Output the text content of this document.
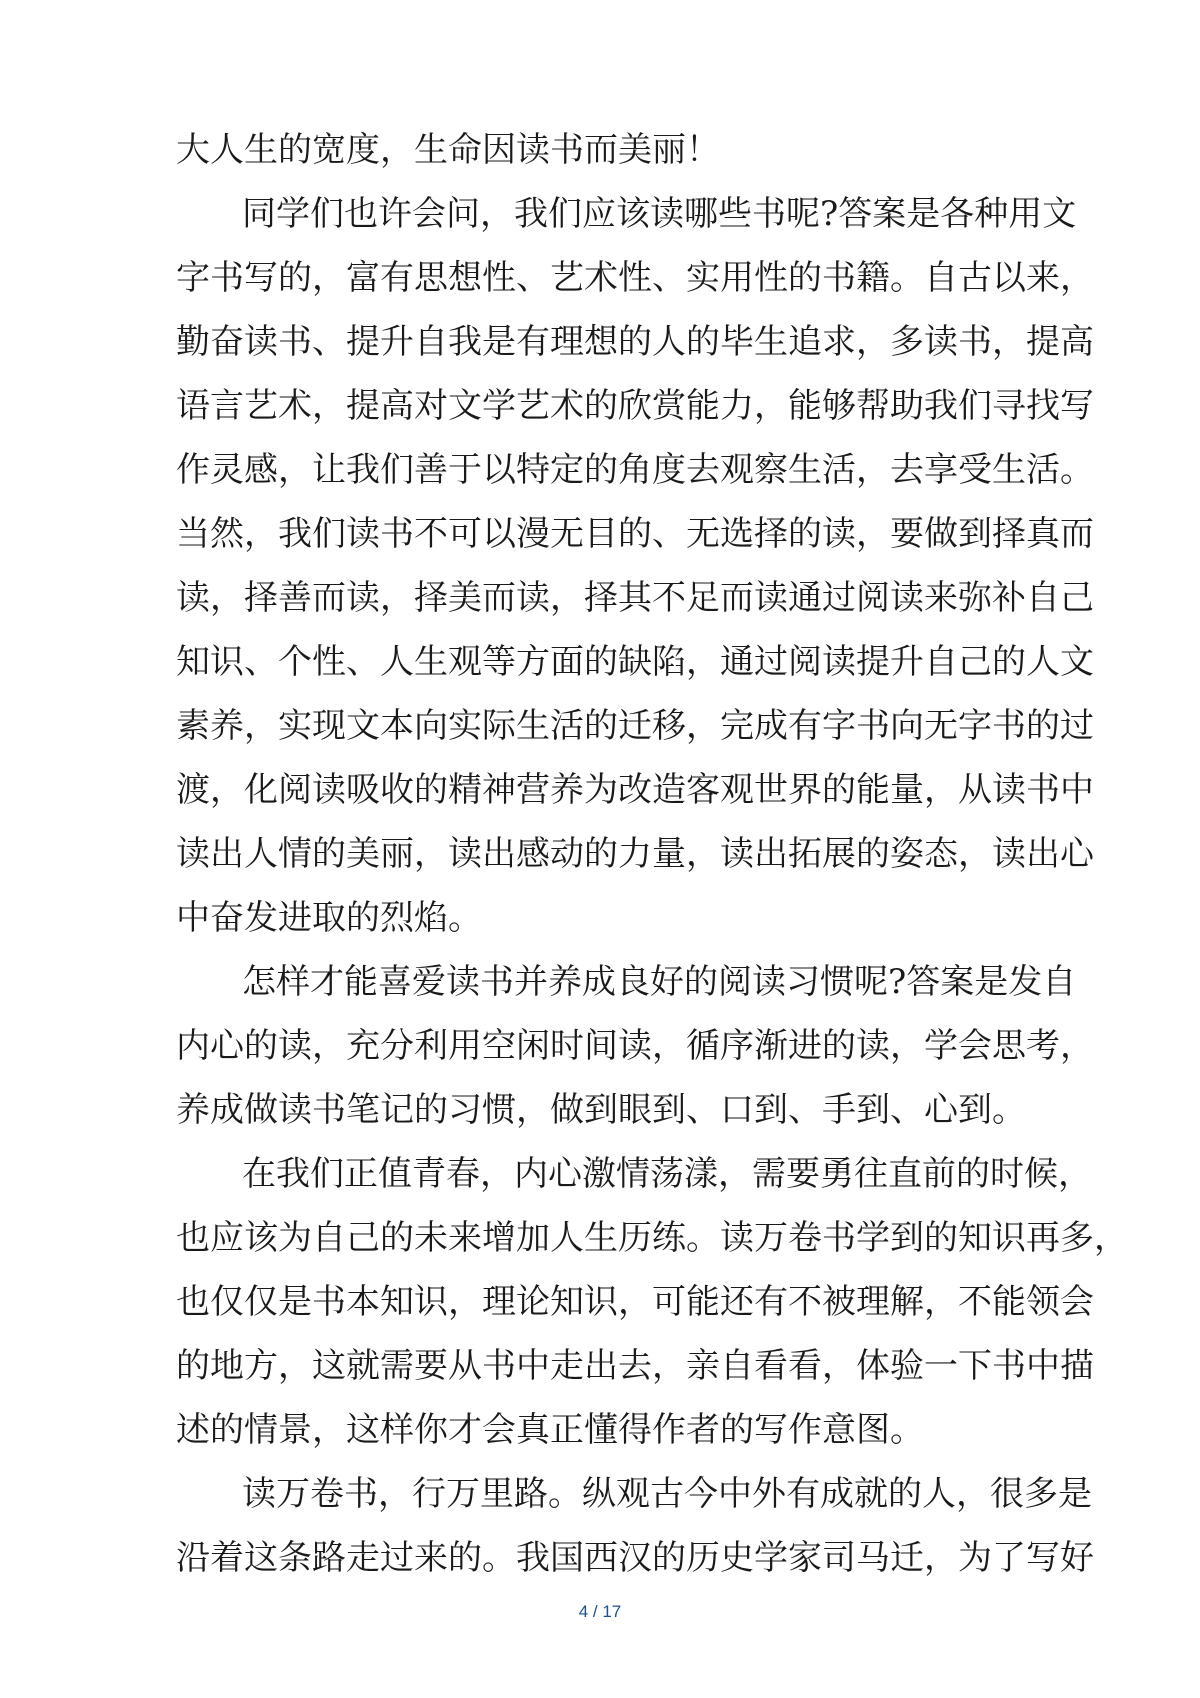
大人生的宽度，生命因读书而美丽！
同学们也许会问，我们应该读哪些书呢?答案是各种用文
字书写的，富有思想性、艺术性、实用性的书籍。自古以来，
勤奋读书、提升自我是有理想的人的毕生追求，多读书，提高
语言艺术，提高对文学艺术的欣赏能力，能够帮助我们寻找写
作灵感，让我们善于以特定的角度去观察生活，去享受生活。
当然，我们读书不可以漫无目的、无选择的读，要做到择真而
读，择善而读，择美而读，择其不足而读通过阅读来弥补自己
知识、个性、人生观等方面的缺陷，通过阅读提升自己的人文
素养，实现文本向实际生活的迁移，完成有字书向无字书的过
渡，化阅读吸收的精神营养为改造客观世界的能量，从读书中
读出人情的美丽，读出感动的力量，读出拓展的姿态，读出心
中奋发进取的烈焰。
怎样才能喜爱读书并养成良好的阅读习惯呢?答案是发自
内心的读，充分利用空闲时间读，循序渐进的读，学会思考，
养成做读书笔记的习惯，做到眼到、口到、手到、心到。
在我们正值青春，内心激情荡漾，需要勇往直前的时候，
也应该为自己的未来增加人生历练。读万卷书学到的知识再多，
也仅仅是书本知识，理论知识，可能还有不被理解，不能领会
的地方，这就需要从书中走出去，亲自看看，体验一下书中描
述的情景，这样你才会真正懂得作者的写作意图。
读万卷书，行万里路。纵观古今中外有成就的人，很多是
沿着这条路走过来的。我国西汉的历史学家司马迁，为了写好
4 / 17
